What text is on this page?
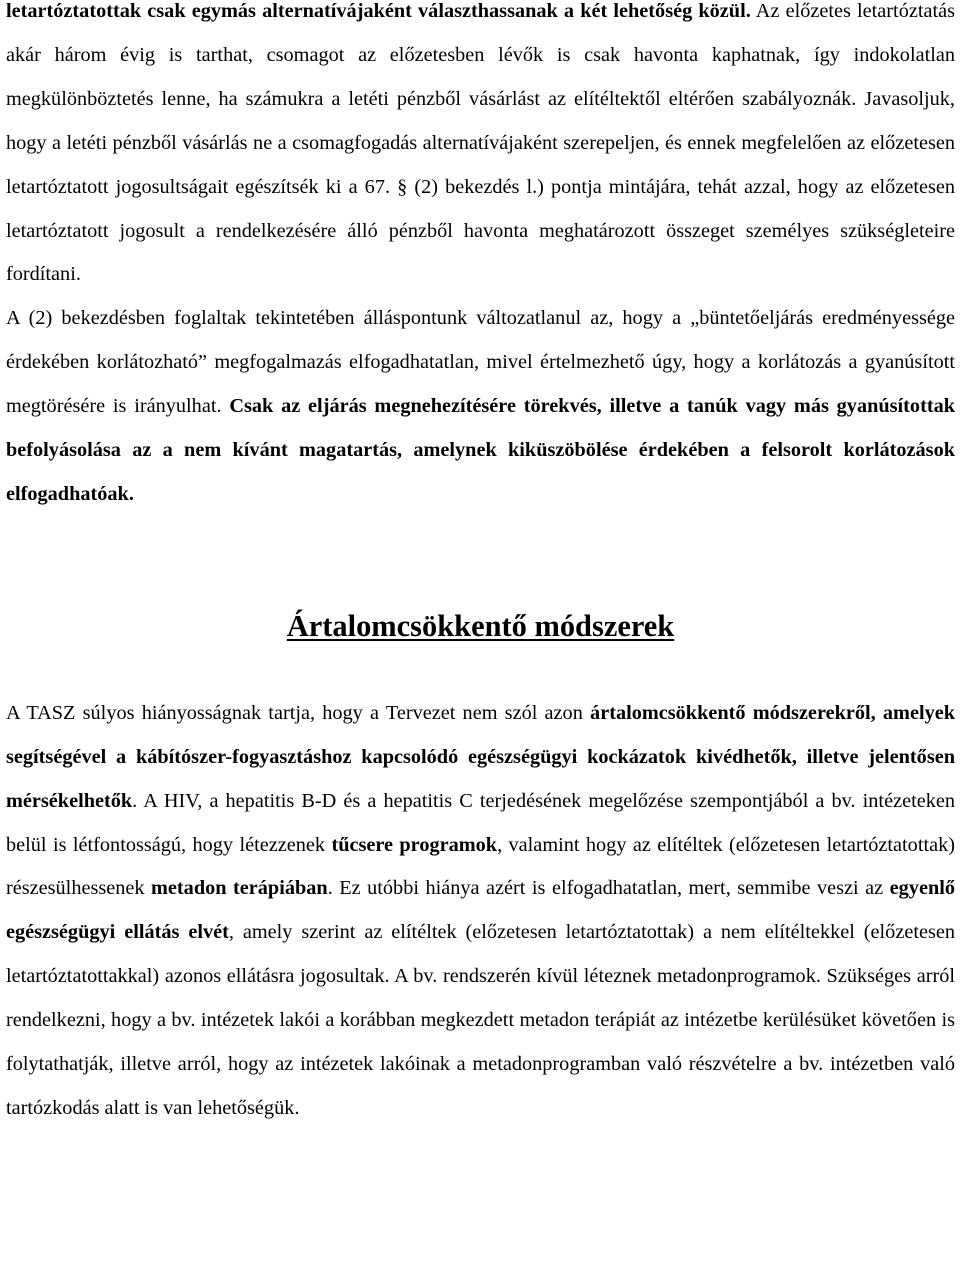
letartóztatottak csak egymás alternatívájaként választhassanak a két lehetőség közül. Az előzetes letartóztatás akár három évig is tarthat, csomagot az előzetesben lévők is csak havonta kaphatnak, így indokolatlan megkülönböztetés lenne, ha számukra a letéti pénzből vásárlást az elítéltektől eltérően szabályoznák. Javasoljuk, hogy a letéti pénzből vásárlás ne a csomagfogadás alternatívájaként szerepeljen, és ennek megfelelően az előzetesen letartóztatott jogosultságait egészítsék ki a 67. § (2) bekezdés l.) pontja mintájára, tehát azzal, hogy az előzetesen letartóztatott jogosult a rendelkezésére álló pénzből havonta meghatározott összeget személyes szükségleteire fordítani.

A (2) bekezdésben foglaltak tekintetében álláspontunk változatlanul az, hogy a „büntetőeljárás eredményessége érdekében korlátozható” megfogalmazás elfogadhatatlan, mivel értelmezhető úgy, hogy a korlátozás a gyanúsított megtörésére is irányulhat. Csak az eljárás megnehezítésére törekvés, illetve a tanúk vagy más gyanúsítottak befolyásolása az a nem kívánt magatartás, amelynek kiküszöbölése érdekében a felsorolt korlátozások elfogadhatóak.

Ártalomcsökkentő módszerek

A TASZ súlyos hiányosságnak tartja, hogy a Tervezet nem szól azon ártalomcsökkentő módszerekről, amelyek segítségével a kábítószer-fogyasztáshoz kapcsolódó egészségügyi kockázatok kivédhetők, illetve jelentősen mérsékelhetők. A HIV, a hepatitis B-D és a hepatitis C terjedésének megelőzése szempontjából a bv. intézeteken belül is létfontosságú, hogy létezzenek tűcsere programok, valamint hogy az elítéltek (előzetesen letartóztatottak) részesülhessenek metadon terápiában. Ez utóbbi hiánya azért is elfogadhatatlan, mert, semmibe veszi az egyenlő egészségügyi ellátás elvét, amely szerint az elítéltek (előzetesen letartóztatottak) a nem elítéltekkel (előzetesen letartóztatottakkal) azonos ellátásra jogosultak. A bv. rendszerén kívül léteznek metadonprogramok. Szükséges arról rendelkezni, hogy a bv. intézetek lakói a korábban megkezdett metadon terápiát az intézetbe kerülésüket követően is folytathatják, illetve arról, hogy az intézetek lakóinak a metadonprogramban való részvételre a bv. intézetben való tartózkodás alatt is van lehetőségük.
